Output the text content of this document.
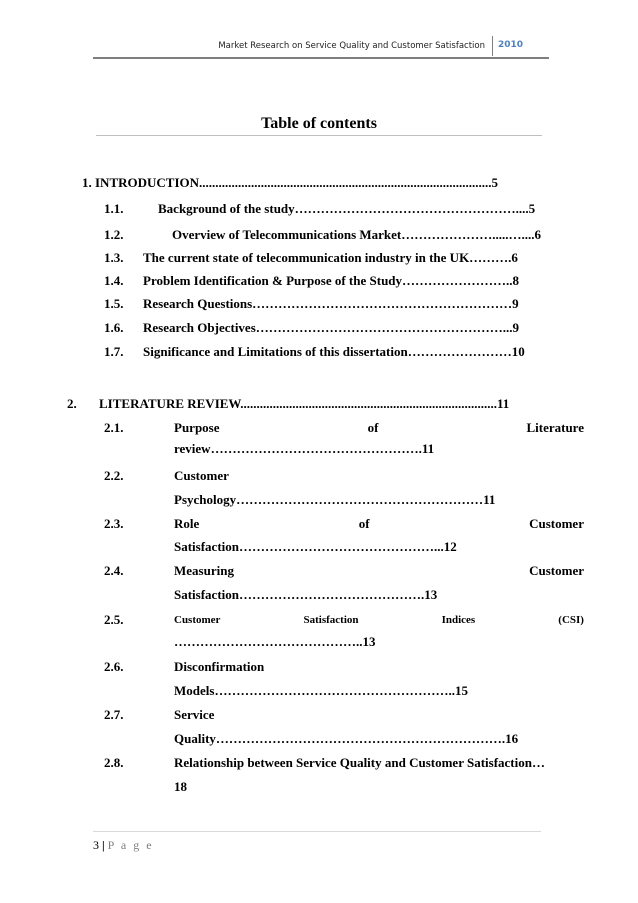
Market Research on Service Quality and Customer Satisfaction 2010
Table of contents
1. INTRODUCTION..........................................................................................5
1.1.	Background of the study……………………………………………....5
1.2.	Overview of Telecommunications Market………………….....…....6
1.3. The current state of telecommunication industry in the UK……….6
1.4. Problem Identification & Purpose of the Study……………………..8
1.5. Research Questions……………………………………………………9
1.6. Research Objectives…………………………………………………...9
1.7. Significance and Limitations of this dissertation……………………10
2. LITERATURE REVIEW...............................................................................11
2.1.	Purpose	of	Literature
review………………………………………….11
2.2.	Customer
Psychology…………………………………………………11
2.3.	Role	of	Customer
Satisfaction………………………………………...12
2.4.	Measuring	Customer
Satisfaction…………………………………….13
2.5.	Customer	Satisfaction	Indices	(CSI)
……………………………………..13
2.6.	Disconfirmation
Models………………………………………………..15
2.7.	Service
Quality………………………………………………………….16
2.8.	Relationship between Service Quality and Customer Satisfaction…
18
3 | P a g e
